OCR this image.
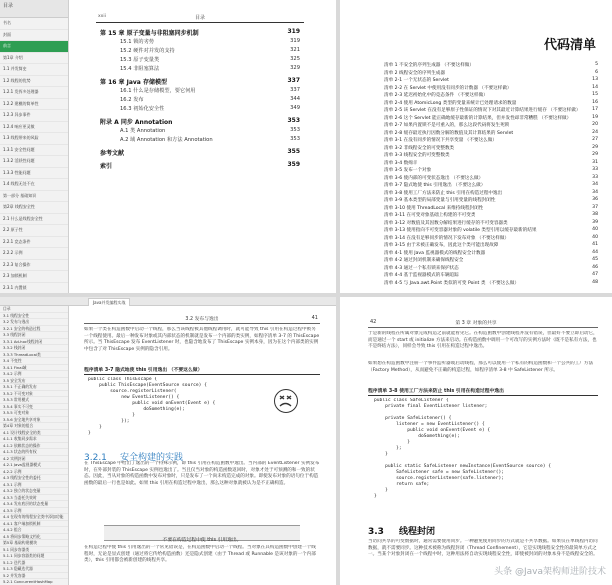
目录
书名
封面
前言
第1章 介绍
1.1 并发简史
1.2 线程的优势
1.2.1 发挥多处理器
1.2.2 建模的简单性
1.2.3 异步事件
1.2.4 响应更灵敏
1.3 线程带来的风险
1.3.1 安全性问题
1.3.2 活跃性问题
1.3.3 性能问题
1.4 线程无处不在
第一部分 基础知识
第2章 线程安全性
2.1 什么是线程安全性
2.2 原子性
2.2.1 竞态条件
2.2.2 示例
2.2.3 复合操作
2.3 加锁机制
2.3.1 内置锁
xxii	目录
第 15 章 原子变量与非阻塞同步机制	319
15.1 锁的劣势	319
15.2 硬件对并发的支持	321
15.3 原子变量类	325
15.4 非阻塞算法	329
第 16 章 Java 存储模型	337
16.1 什么是存储模型，要它何用	337
16.2 发布	344
16.3 初始化安全性	349
附录 A 同步 Annotation	353
A.1 类 Annotation	353
A.2 域 Annotation 和方法 Annotation	353
参考文献	355
索引	359
代码清单
清单 1 不安全的序列生成器 （不要这样做）	5
清单 2 线程安全的序列生成器	6
清单 2-1 一个无状态的 Servlet	13
清单 2-2 在 Servlet 中使用没有同步的计数器 （不要这样做）	14
清单 2-3 延迟初始化中的竞态条件 （不要这样做）	15
清单 2-4 使用 AtomicLong 类型的变量来统计已处理请求的数量	16
清单 2-5 该 Servlet 在没有足够原子性保证的情况下对其最近计算结果进行缓存 （不要这样做）	17
清单 2-6 这个 Servlet 能正确地缓存最新的计算结果，但并发性却非常糟糕 （不要这样做）	19
清单 2-7 如果内置锁不是可重入的，那么这段代码将发生死锁	20
清单 2-8 缓存最近执行因数分解的数值及其计算结果的 Servlet	24
清单 3-1 在没有同步的情况下共享变量 （不要这么做）	27
清单 3-2 非线程安全的可变整数类	29
清单 3-3 线程安全的可变整数类	29
清单 3-4 数绵羊	31
清单 3-5 发布一个对象	33
清单 3-6 使内部的可变状态逸出 （不要这么做）	33
清单 3-7 隐式地使 this 引用逸出 （不要这么做）	34
清单 3-8 使用工厂方法来防止 this 引用在构造过程中逸出	34
清单 3-9 基本类型的局部变量与引用变量的线程封闭性	36
清单 3-10 使用 ThreadLocal 来维持线程封闭性	37
清单 3-11 在可变对象基础上构建的不可变类	38
清单 3-12 对数值及其因数分解结果进行缓存的不可变容器类	39
清单 3-13 使用指向不可变容器对象的 volatile 类型引用以缓存最新的结果	40
清单 3-14 在没有足够同步的情况下发布对象 （不要这样做）	40
清单 3-15 由于未被正确发布，因此这个类可能出现故障	41
清单 4-1 使用 Java 监视器模式的线程安全计数器	44
清单 4-2 通过封闭机制来确保线程安全	45
清单 4-3 通过一个私有锁来保护状态	46
清单 4-4 基于监视器模式的车辆追踪	47
清单 4-5 与 Java.awt.Point 类似的可变 Point 类 （不要这么做）	48
Java并发编程实战
目录
3.1 线程安全性
3.2 发布与逸出
3.2.1 安全的构造过程
3.3 线程封闭
3.3.1 Ad-hoc线程封闭
3.3.2 栈封闭
3.3.3 ThreadLocal类
3.4 不变性
3.4.1 Final域
3.4.2 示例
3.5 安全发布
3.5.1 不正确的发布
3.5.2 不可变对象
3.5.3 常用模式
3.5.4 事实不可变
3.5.5 可变对象
3.5.6 安全地共享对象
第4章 对象的组合
4.1 设计线程安全的类
4.1.1 收集同步需求
4.1.2 依赖状态的操作
4.1.3 状态的所有权
4.2 实例封闭
4.2.1 Java监视器模式
4.2.2 示例
4.3 线程安全性的委托
4.3.1 示例
4.3.2 独立的状态变量
4.3.3 当委托失效时
4.3.4 发布底层的状态变量
4.3.5 示例
4.4 在现有的线程安全类中添加功能
4.4.1 客户端加锁机制
4.4.2 组合
4.5 将同步策略文档化
第5章 基础构建模块
5.1 同步容器类
5.1.1 同步容器类的问题
5.1.2 迭代器
5.1.3 隐藏迭代器
5.2 并发容器
5.2.1 ConcurrentHashMap
3.2 发布与逸出	41
如果一个类在构造函数中启动一个线程，那么当该线程被其他线程调用时，就可能导致 this 引用在构造过程中被另一个线程使用。最后一种发布对象或其内部状态的机制就是发布一个内部的类实例，如程序清单 3-7 的 ThisEscape 所示。当 ThisEscape 发布 EventListener 时，也隐含地发布了 ThisEscape 实例本身，因为在这个内部类的实例中包含了对 ThisEscape 实例的隐含引用。
程序清单 3-7 隐式地使 this 引用逸出 （不要这么做）
public class ThisEscape {
public ThisEscape(EventSource source) {
source.registerListener(
new EventListener() {
public void onEvent(Event e) {
doSomething(e);
}
});
}
}
3.2.1 安全构建的实践
在 ThisEscape 中给出了逸出的一个特殊示例，即 this 引用在构造函数中逸出。当内部的 EventListener 实例发布时，在外部封装的 ThisEscape 实例也逸出了。当且仅当对象的构造函数返回时，对象才处于可预测的和一致的状态。因此，当从对象的构造函数中发布对象时，只是发布了一个尚未构造完成的对象。即使发布对象的语句位于构造函数的最后一行也是如此。如果 this 引用在构造过程中逸出，那么这种对象就被认为是不正确构造。
不要在构造过程中使 this 引用逸出。
在构造过程中使 this 引用逸出的一个常见错误是，在构造函数中启动一个线程。当对象在其构造函数中创建一个线程时，无论是显式创建（通过将它传给构造函数）还是隐式创建（由于 Thread 或 Runnable 是该对象的一个内部类），this 引用都会被新创建的线程共享。
42	第 3 章 对象的共享
于是新的线程在所属对象完成构造之前就能看见它。在构造函数中创建线程并没有错误，但最好不要立即启动它，而是通过一个 start 或 initialize 方法来启动。在构造函数中调用一个可改写的实例方法时（既不是私有方法，也不是终结方法），同样会导致 this 引用在构造过程中逸出。
如果想在构造函数中注册一个事件监听器或启动线程，那么可以使用一个私有的构造函数和一个公共的工厂方法（Factory Method），从而避免不正确的构造过程，如程序清单 3-8 中 SafeListener 所示。
程序清单 3-8 使用工厂方法来防止 this 引用在构造过程中逸出
public class SafeListener {
private final EventListener listener;

private SafeListener() {
listener = new EventListener() {
public void onEvent(Event e) {
doSomething(e);
}
};
}

public static SafeListener newInstance(EventSource source) {
SafeListener safe = new SafeListener();
source.registerListener(safe.listener);
return safe;
}
}
3.3 线程封闭
当访问共享的可变数据时，通常需要使用同步。一种避免使用同步的方式就是不共享数据。如果仅在单线程内访问数据，就不需要同步。这种技术被称为线程封闭（Thread Confinement），它是实现线程安全性的最简单方式之一。当某个对象封闭在一个线程中时，这种用法将自动实现线程安全性，即使被封闭的对象本身不是线程安全的。
头条 @Java架构师进阶技术
